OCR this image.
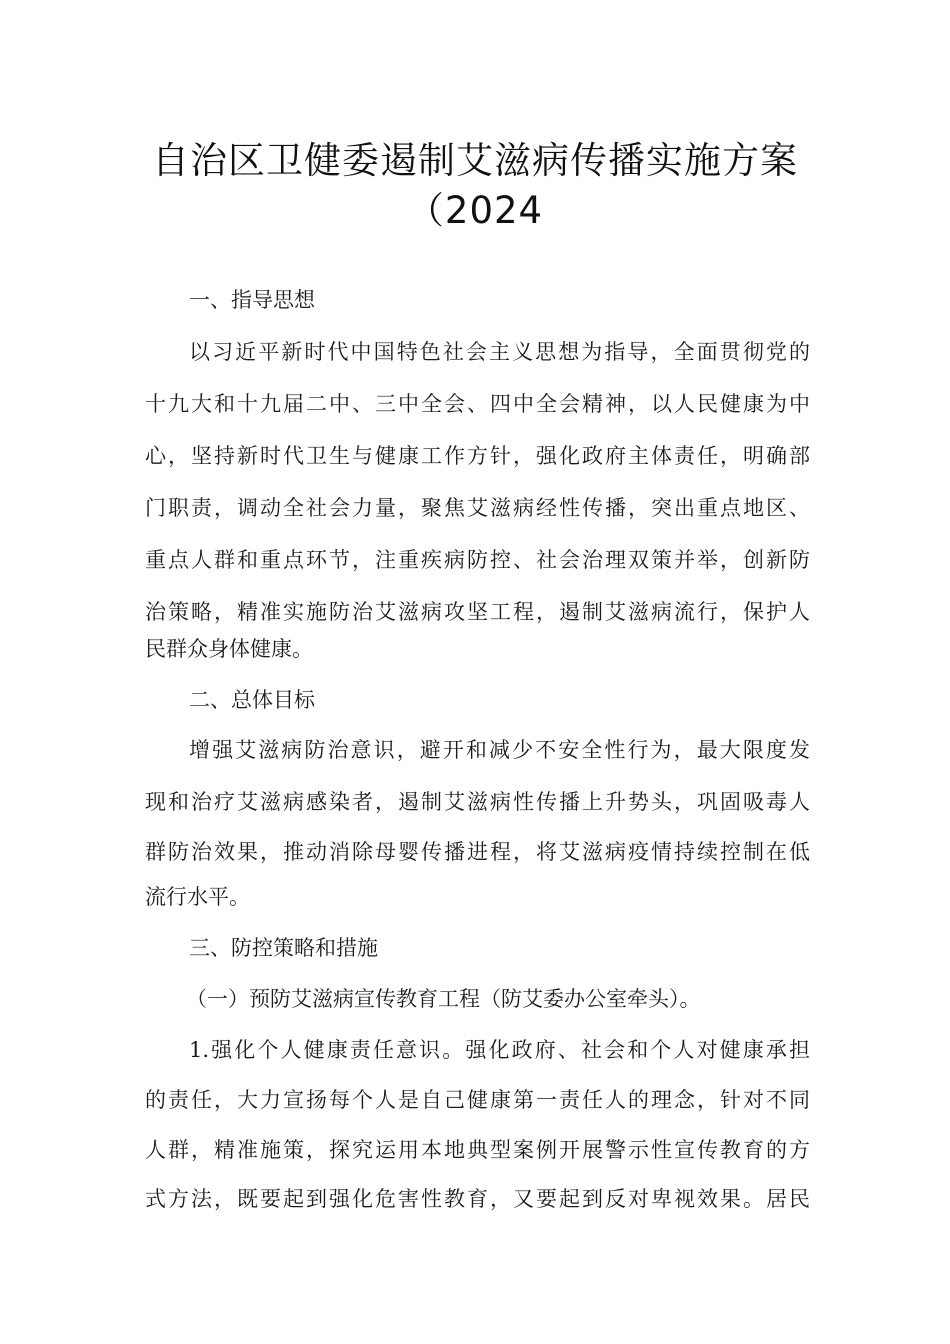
自治区卫健委遏制艾滋病传播实施方案
（2024

一、指导思想

以习近平新时代中国特色社会主义思想为指导，全面贯彻党的

十九大和十九届二中、三中全会、四中全会精神，以人民健康为中

心，坚持新时代卫生与健康工作方针，强化政府主体责任，明确部

门职责，调动全社会力量，聚焦艾滋病经性传播，突出重点地区、

重点人群和重点环节，注重疾病防控、社会治理双策并举，创新防

治策略，精准实施防治艾滋病攻坚工程，遏制艾滋病流行，保护人

民群众身体健康。

二、总体目标

增强艾滋病防治意识，避开和减少不安全性行为，最大限度发

现和治疗艾滋病感染者，遏制艾滋病性传播上升势头，巩固吸毒人

群防治效果，推动消除母婴传播进程，将艾滋病疫情持续控制在低

流行水平。

三、防控策略和措施

（一）预防艾滋病宣传教育工程（防艾委办公室牵头）。

1.强化个人健康责任意识。强化政府、社会和个人对健康承担

的责任，大力宣扬每个人是自己健康第一责任人的理念，针对不同

人群，精准施策，探究运用本地典型案例开展警示性宣传教育的方

式方法，既要起到强化危害性教育，又要起到反对卑视效果。居民
